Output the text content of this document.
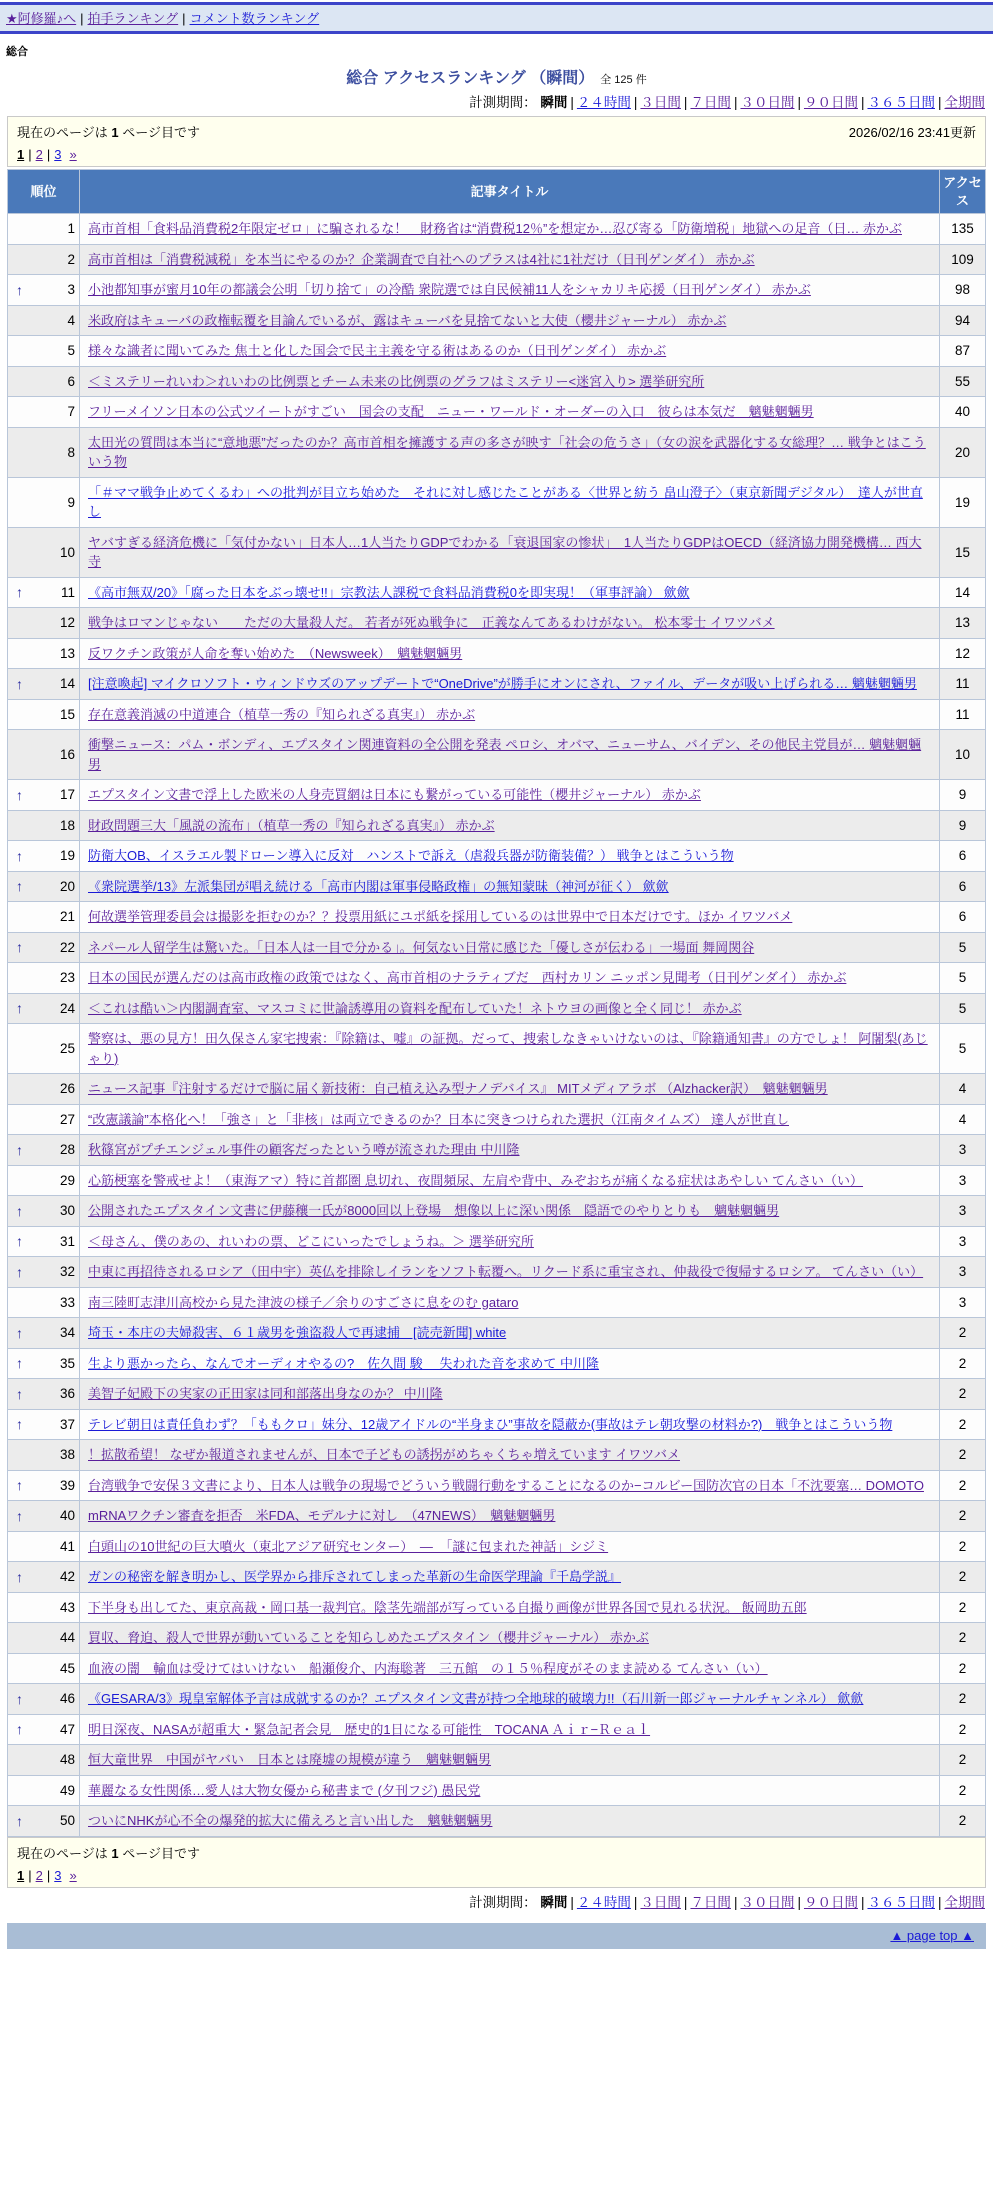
★阿修羅♪へ | 拍手ランキング | コメント数ランキング
総合
総合 アクセスランキング （瞬間） 全 125 件
計測期間： 瞬間 | ２４時間 | ３日間 | ７日間 | ３０日間 | ９０日間 | ３６５日間 | 全期間
現在のページは 1 ページ目です	2026/02/16 23:41更新
1 | 2 | 3 »
順位	記事タイトル	アクセス

1	高市首相「食料品消費税2年限定ゼロ」に騙されるな！　財務省は“消費税12％”を想定か…忍び寄る「防衛増税」地獄への足音（日… 赤かぶ	135

2	高市首相は「消費税減税」を本当にやるのか？企業調査で自社へのプラスは4社に1社だけ（日刊ゲンダイ） 赤かぶ	109

↑ 3	小池都知事が蜜月10年の都議会公明「切り捨て」の冷酷 衆院選では自民候補11人をシャカリキ応援（日刊ゲンダイ） 赤かぶ	98

4	米政府はキューバの政権転覆を目論んでいるが、露はキューバを見捨てないと大使（櫻井ジャーナル） 赤かぶ	94

5	様々な識者に聞いてみた 焦土と化した国会で民主主義を守る術はあるのか（日刊ゲンダイ） 赤かぶ	87

6	＜ミステリーれいわ＞れいわの比例票とチーム未来の比例票のグラフはミステリー<迷宮入り> 選挙研究所	55

7	フリーメイソン日本の公式ツイートがすごい　国会の支配　ニュー・ワールド・オーダーの入口　彼らは本気だ　魑魅魍魎男	40

8	太田光の質問は本当に“意地悪”だったのか？高市首相を擁護する声の多さが映す「社会の危うさ」（女の涙を武器化する女総理？… 戦争とはこういう物	20

9	「＃ママ戦争止めてくるわ」への批判が目立ち始めた　それに対し感じたことがある〈世界と紡う 畠山澄子〉（東京新聞デジタル）　達人が世直し	19

10	ヤバすぎる経済危機に「気付かない」日本人…1人当たりGDPでわかる「衰退国家の惨状」　1人当たりGDPはOECD（経済協力開発機構… 西大寺	15

↑ 11	《高市無双/20》「腐った日本をぶっ壊せ!!」宗教法人課税で食料品消費税0を即実現！（軍事評論） 歛歛	14

12	戦争はロマンじゃない　　ただの大量殺人だ。 若者が死ぬ戦争に　正義なんてあるわけがない。 松本零士 イワツバメ	13

13	反ワクチン政策が人命を奪い始めた　（Newsweek）　魑魅魍魎男	12

↑ 14	[注意喚起] マイクロソフト・ウィンドウズのアップデートで“OneDrive”が勝手にオンにされ、ファイル、データが吸い上げられる… 魑魅魍魎男	11

15	存在意義消滅の中道連合（植草一秀の『知られざる真実』） 赤かぶ	11

16	衝撃ニュース：パム・ボンディ、エプスタイン関連資料の全公開を発表 ペロシ、オバマ、ニューサム、バイデン、その他民主党員が… 魑魅魍魎男	10

↑ 17	エプスタイン文書で浮上した欧米の人身売買網は日本にも繋がっている可能性（櫻井ジャーナル） 赤かぶ	9

18	財政問題三大「風説の流布」（植草一秀の『知られざる真実』） 赤かぶ	9

↑ 19	防衛大OB、イスラエル製ドローン導入に反対　ハンストで訴え（虐殺兵器が防衛装備？） 戦争とはこういう物	6

↑ 20	《衆院選挙/13》左派集団が唱え続ける「高市内閣は軍事侵略政権」の無知蒙昧（神河が征く） 歛歛	6

21	何故選挙管理委員会は撮影を拒むのか？？投票用紙にユポ紙を採用しているのは世界中で日本だけです。ほか イワツバメ	6

↑ 22	ネパール人留学生は驚いた。「日本人は一目で分かる」。何気ない日常に感じた「優しさが伝わる」一場面 舞岡関谷	5

23	日本の国民が選んだのは高市政権の政策ではなく、高市首相のナラティブだ　西村カリン ニッポン見聞考（日刊ゲンダイ） 赤かぶ	5

↑ 24	＜これは酷い＞内閣調査室、マスコミに世論誘導用の資料を配布していた！ネトウヨの画像と全く同じ！ 赤かぶ	5

25	警察は、悪の見方！田久保さん家宅捜索：『除籍は、嘘』の証拠。だって、捜索しなきゃいけないのは、『除籍通知書』の方でしょ！ 阿闍梨(あじゃり)	5

26	ニュース記事『注射するだけで脳に届く新技術：自己植え込み型ナノデバイス』 MITメディアラボ （Alzhacker訳）　魑魅魍魎男	4

27	“改憲議論”本格化へ！「強さ」と「非核」は両立できるのか？日本に突きつけられた選択（江南タイムズ） 達人が世直し	4

↑ 28	秋篠宮がプチエンジェル事件の顧客だったという噂が流された理由 中川隆	3

29	心筋梗塞を警戒せよ！（東海アマ）特に首都圏 息切れ、夜間頻尿、左肩や背中、みぞおちが痛くなる症状はあやしい てんさい（い）	3

↑ 30	公開されたエプスタイン文書に伊藤穰一氏が8000回以上登場　想像以上に深い関係　隠語でのやりとりも　魑魅魍魎男	3

↑ 31	＜母さん、僕のあの、れいわの票、どこにいったでしょうね。＞ 選挙研究所	3

↑ 32	中東に再招待されるロシア（田中宇）英仏を排除しイランをソフト転覆へ。リクード系に重宝され、仲裁役で復帰するロシア。 てんさい（い）	3

33	南三陸町志津川高校から見た津波の様子／余りのすごさに息をのむ gataro	3

↑ 34	埼玉・本庄の夫婦殺害、６１歳男を強盗殺人で再逮捕　[読売新聞] white	2

↑ 35	生より悪かったら、なんでオーディオやるの?＿佐久間 駿＿ 失われた音を求めて 中川隆	2

↑ 36	美智子妃殿下の実家の正田家は同和部落出身なのか？ 中川隆	2

↑ 37	テレビ朝日は責任負わず？「ももクロ」妹分、12歳アイドルの“半身まひ”事故を隠蔽か(事故はテレ朝攻撃の材料か?)　戦争とはこういう物	2

38	！拡散希望！ なぜか報道されませんが、日本で子どもの誘拐がめちゃくちゃ増えています イワツバメ	2

↑ 39	台湾戦争で安保３文書により、日本人は戦争の現場でどういう戦闘行動をすることになるのか−コルビー国防次官の日本「不沈要塞… DOMOTO	2

↑ 40	mRNAワクチン審査を拒否　米FDA、モデルナに対し　（47NEWS）　魑魅魍魎男	2

41	白頭山の10世紀の巨大噴火（東北アジア研究センター）　―　「謎に包まれた神話」シジミ	2

↑ 42	ガンの秘密を解き明かし、医学界から排斥されてしまった革新の生命医学理論『千島学説』	2

43	下半身も出してた、東京高裁・岡口基一裁判官。陰茎先端部が写っている自撮り画像が世界各国で見れる状況。 飯岡助五郎	2

44	買収、脅迫、殺人で世界が動いていることを知らしめたエプスタイン（櫻井ジャーナル） 赤かぶ	2

45	血液の闇　輸血は受けてはいけない　船瀬俊介、内海聡著　三五館　の１５％程度がそのまま読める てんさい（い）	2

↑ 46	《GESARA/3》現皇室解体予言は成就するのか？エプスタイン文書が持つ全地球的破壊力!!（石川新一郎ジャーナルチャンネル） 歛歛	2

↑ 47	明日深夜、NASAが超重大・緊急記者会見　歴史的1日になる可能性　TOCANA Ａｉｒ−Ｒｅａｌ	2

48	恒大童世界　中国がヤバい　日本とは廃墟の規模が違う　魑魅魍魎男	2

49	華麗なる女性関係…愛人は大物女優から秘書まで (夕刊フジ) 愚民党	2

↑ 50	ついにNHKが心不全の爆発的拡大に備えろと言い出した　魑魅魍魎男	2
現在のページは 1 ページ目です
1 | 2 | 3 »
計測期間： 瞬間 | ２４時間 | ３日間 | ７日間 | ３０日間 | ９０日間 | ３６５日間 | 全期間
▲ page top ▲
